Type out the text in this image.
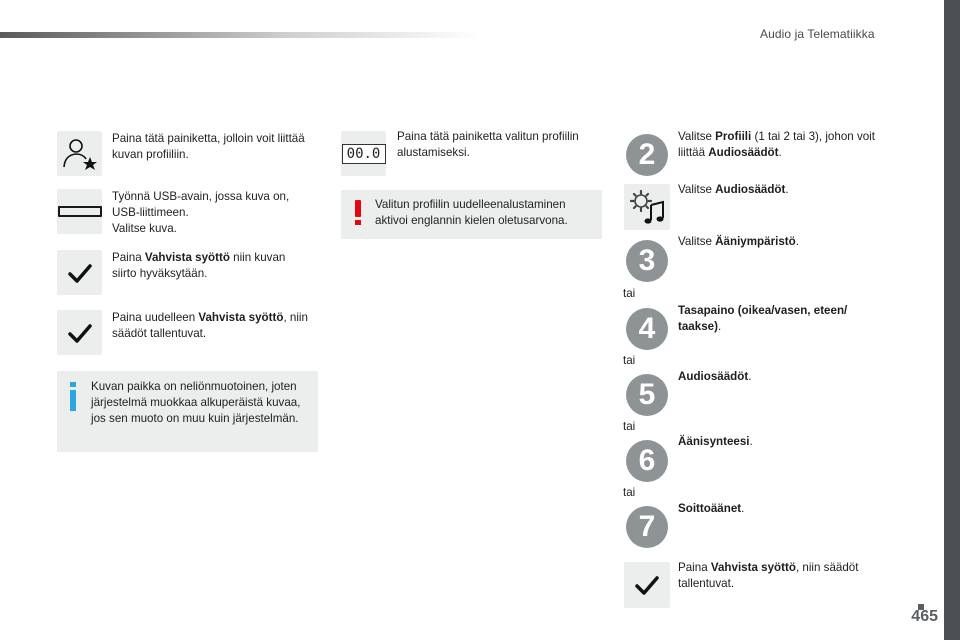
Audio ja Telematiikka
Paina tätä painiketta, jolloin voit liittää kuvan profiiliin.
Työnnä USB-avain, jossa kuva on,
USB-liittimeen.
Valitse kuva.
Paina Vahvista syöttö niin kuvan siirto hyväksytään.
Paina uudelleen Vahvista syöttö, niin säädöt tallentuvat.
Kuvan paikka on neliönmuotoinen, joten järjestelmä muokkaa alkuperäistä kuvaa, jos sen muoto on muu kuin järjestelmän.
00.0
Paina tätä painiketta valitun profiilin alustamiseksi.
Valitun profiilin uudelleenalustaminen aktivoi englannin kielen oletusarvona.
2
Valitse Profiili (1 tai 2 tai 3), johon voit liittää Audiosäädöt.
Valitse Audiosäädöt.
3
Valitse Ääniympäristö.
tai
4
Tasapaino (oikea/vasen, eteen/ taakse).
tai
5
Audiosäädöt.
tai
6
Äänisynteesi.
tai
7
Soittoäänet.
Paina Vahvista syöttö, niin säädöt tallentuvat.
465
